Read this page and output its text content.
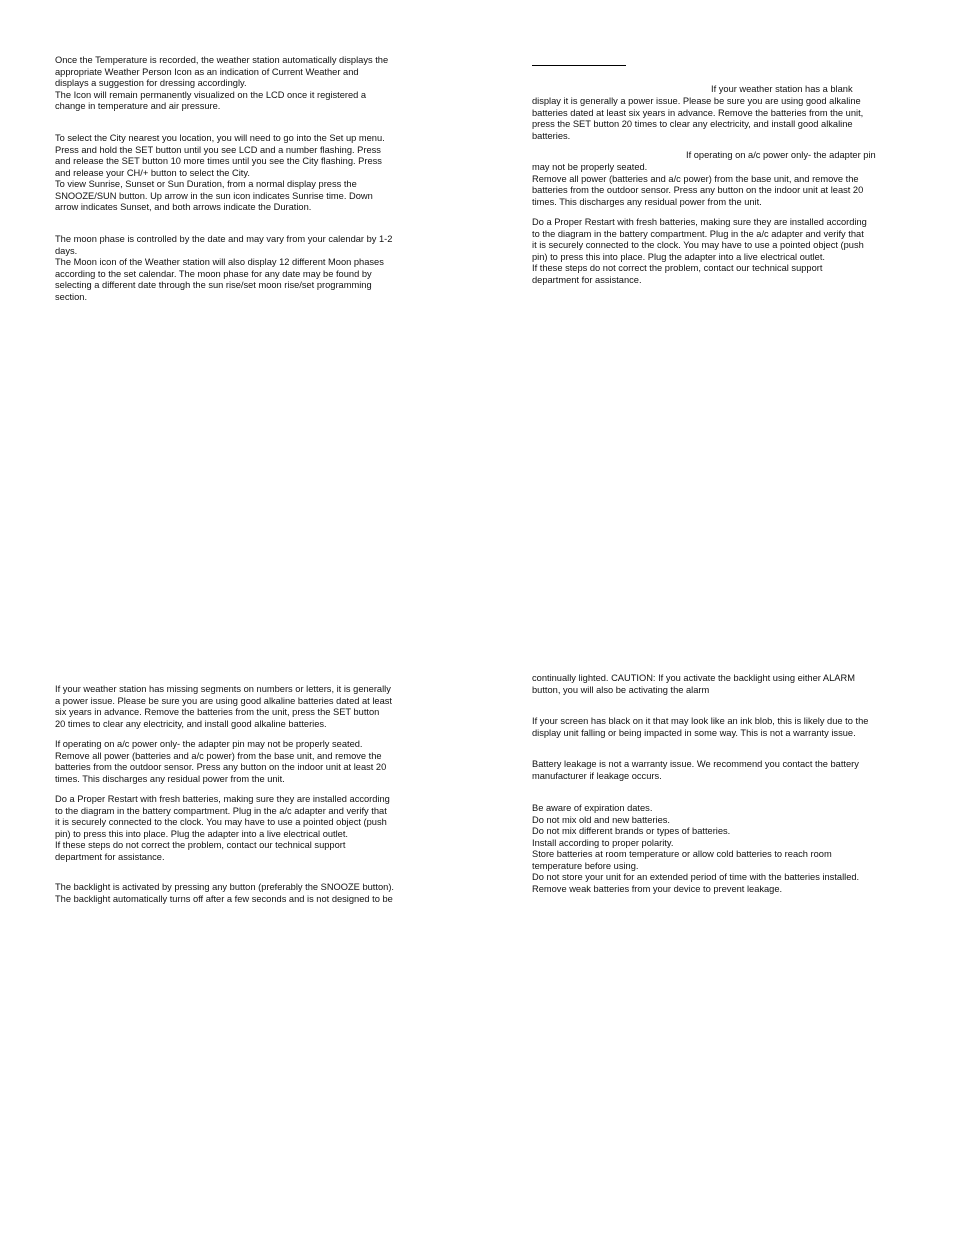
Once the Temperature is recorded, the weather station automatically displays the
appropriate Weather Person Icon as an indication of Current Weather and
displays a suggestion for dressing accordingly.
The Icon will remain permanently visualized on the LCD once it registered a
change in temperature and air pressure.

To select the City nearest you location, you will need to go into the Set up menu.
Press and hold the SET button until you see LCD and a number flashing. Press
and release the SET button 10 more times until you see the City flashing. Press
and release your CH/+ button to select the City.
To view Sunrise, Sunset or Sun Duration, from a normal display press the
SNOOZE/SUN button. Up arrow in the sun icon indicates Sunrise time. Down
arrow indicates Sunset, and both arrows indicate the Duration.

The moon phase is controlled by the date and may vary from your calendar by 1-2
days.
The Moon icon of the Weather station will also display 12 different Moon phases
according to the set calendar. The moon phase for any date may be found by
selecting a different date through the sun rise/set moon rise/set programming
section.

If your weather station has a blank

display it is generally a power issue. Please be sure you are using good alkaline
batteries dated at least six years in advance. Remove the batteries from the unit,
press the SET button 20 times to clear any electricity, and install good alkaline
batteries.

If operating on a/c power only- the adapter pin

may not be properly seated.
Remove all power (batteries and a/c power) from the base unit, and remove the
batteries from the outdoor sensor. Press any button on the indoor unit at least 20
times. This discharges any residual power from the unit.

Do a Proper Restart with fresh batteries, making sure they are installed according
to the diagram in the battery compartment. Plug in the a/c adapter and verify that
it is securely connected to the clock. You may have to use a pointed object (push
pin) to press this into place. Plug the adapter into a live electrical outlet.
If these steps do not correct the problem, contact our technical support
department for assistance.

If your weather station has missing segments on numbers or letters, it is generally
a power issue. Please be sure you are using good alkaline batteries dated at least
six years in advance. Remove the batteries from the unit, press the SET button
20 times to clear any electricity, and install good alkaline batteries.

If operating on a/c power only- the adapter pin may not be properly seated.
Remove all power (batteries and a/c power) from the base unit, and remove the
batteries from the outdoor sensor. Press any button on the indoor unit at least 20
times. This discharges any residual power from the unit.

Do a Proper Restart with fresh batteries, making sure they are installed according
to the diagram in the battery compartment. Plug in the a/c adapter and verify that
it is securely connected to the clock. You may have to use a pointed object (push
pin) to press this into place. Plug the adapter into a live electrical outlet.
If these steps do not correct the problem, contact our technical support
department for assistance.

The backlight is activated by pressing any button (preferably the SNOOZE button).
The backlight automatically turns off after a few seconds and is not designed to be

continually lighted. CAUTION: If you activate the backlight using either ALARM
button, you will also be activating the alarm

If your screen has black on it that may look like an ink blob, this is likely due to the
display unit falling or being impacted in some way. This is not a warranty issue.

Battery leakage is not a warranty issue. We recommend you contact the battery
manufacturer if leakage occurs.

Be aware of expiration dates.
Do not mix old and new batteries.
Do not mix different brands or types of batteries.
Install according to proper polarity.
Store batteries at room temperature or allow cold batteries to reach room
temperature before using.
Do not store your unit for an extended period of time with the batteries installed.
Remove weak batteries from your device to prevent leakage.
